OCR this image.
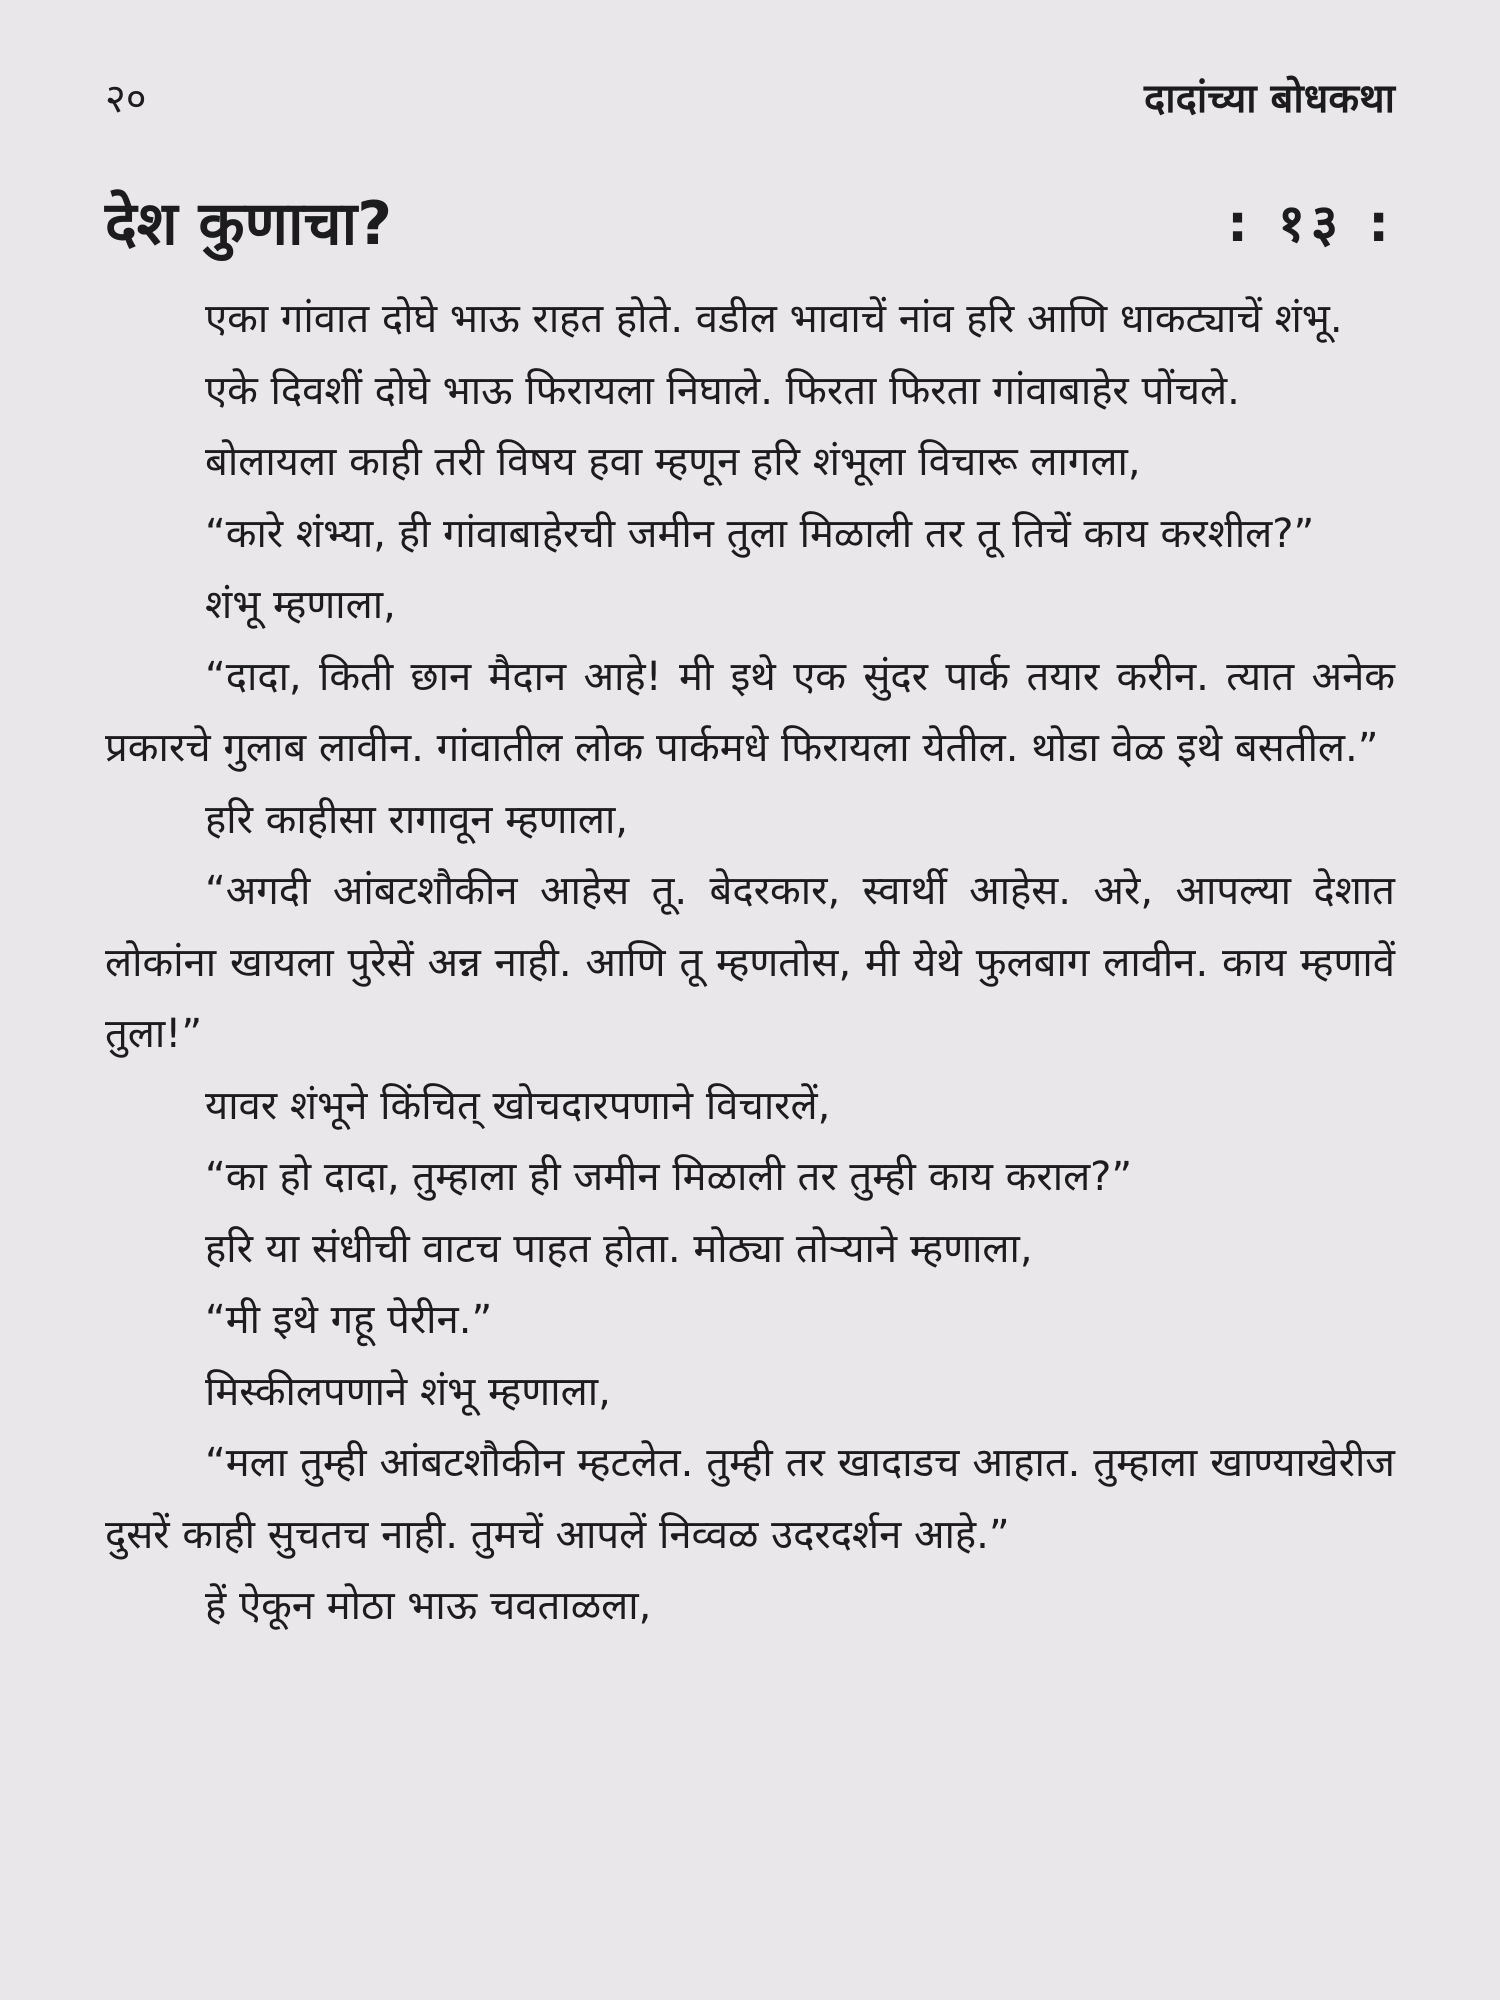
२०	दादांच्या बोधकथा
देश कुणाचा?	: १३ :

एका गांवात दोघे भाऊ राहत होते. वडील भावाचें नांव हरि आणि धाकट्याचें शंभू.

एके दिवशीं दोघे भाऊ फिरायला निघाले. फिरता फिरता गांवाबाहेर पोंचले.

बोलायला काही तरी विषय हवा म्हणून हरि शंभूला विचारू लागला,

“कारे शंभ्या, ही गांवाबाहेरची जमीन तुला मिळाली तर तू तिचें काय करशील?”

शंभू म्हणाला,

“दादा, किती छान मैदान आहे! मी इथे एक सुंदर पार्क तयार करीन. त्यात अनेक प्रकारचे गुलाब लावीन. गांवातील लोक पार्कमधे फिरायला येतील. थोडा वेळ इथे बसतील.”

हरि काहीसा रागावून म्हणाला,

“अगदी आंबटशौकीन आहेस तू. बेदरकार, स्वार्थी आहेस. अरे, आपल्या देशात लोकांना खायला पुरेसें अन्न नाही. आणि तू म्हणतोस, मी येथे फुलबाग लावीन. काय म्हणावें तुला!”

यावर शंभूने किंचित् खोचदारपणाने विचारलें,

“का हो दादा, तुम्हाला ही जमीन मिळाली तर तुम्ही काय कराल?”

हरि या संधीची वाटच पाहत होता. मोठ्या तोऱ्याने म्हणाला,

“मी इथे गहू पेरीन.”

मिस्कीलपणाने शंभू म्हणाला,

“मला तुम्ही आंबटशौकीन म्हटलेत. तुम्ही तर खादाडच आहात. तुम्हाला खाण्याखेरीज दुसरें काही सुचतच नाही. तुमचें आपलें निव्वळ उदरदर्शन आहे.”

हें ऐकून मोठा भाऊ चवताळला,
